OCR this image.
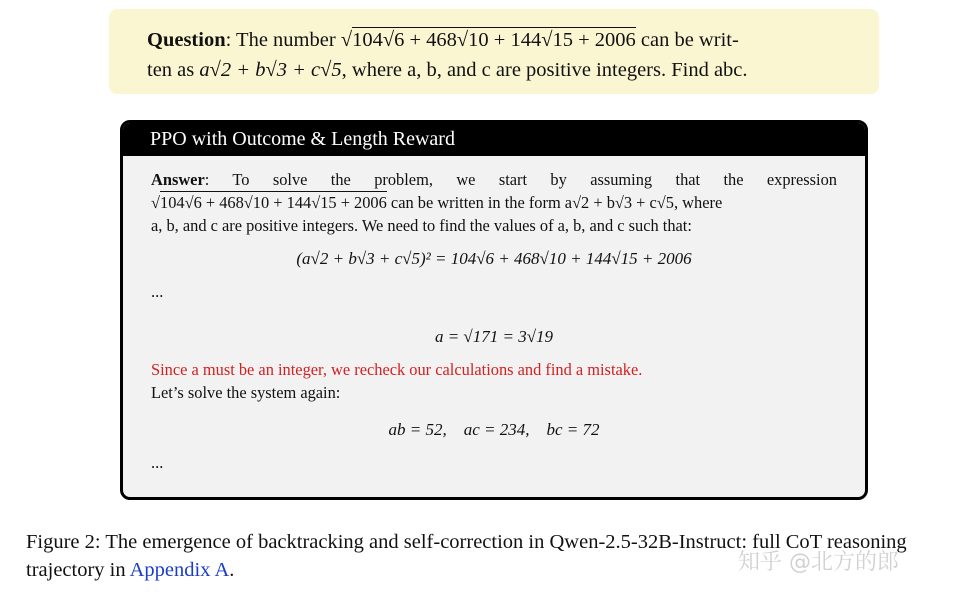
Question: The number √104√6 + 468√10 + 144√15 + 2006 can be writ-
ten as a√2 + b√3 + c√5, where a, b, and c are positive integers. Find abc.
PPO with Outcome & Length Reward
Answer: To solve the problem, we start by assuming that the expression
√104√6 + 468√10 + 144√15 + 2006 can be written in the form a√2 + b√3 + c√5, where
a, b, and c are positive integers. We need to find the values of a, b, and c such that:
(a√2 + b√3 + c√5)² = 104√6 + 468√10 + 144√15 + 2006
...
a = √171 = 3√19
Since a must be an integer, we recheck our calculations and find a mistake.
Let’s solve the system again:
ab = 52,    ac = 234,    bc = 72
...
Figure 2: The emergence of backtracking and self-correction in Qwen-2.5-32B-Instruct: full CoT reasoning trajectory in Appendix A.	知乎 @北方的郎
